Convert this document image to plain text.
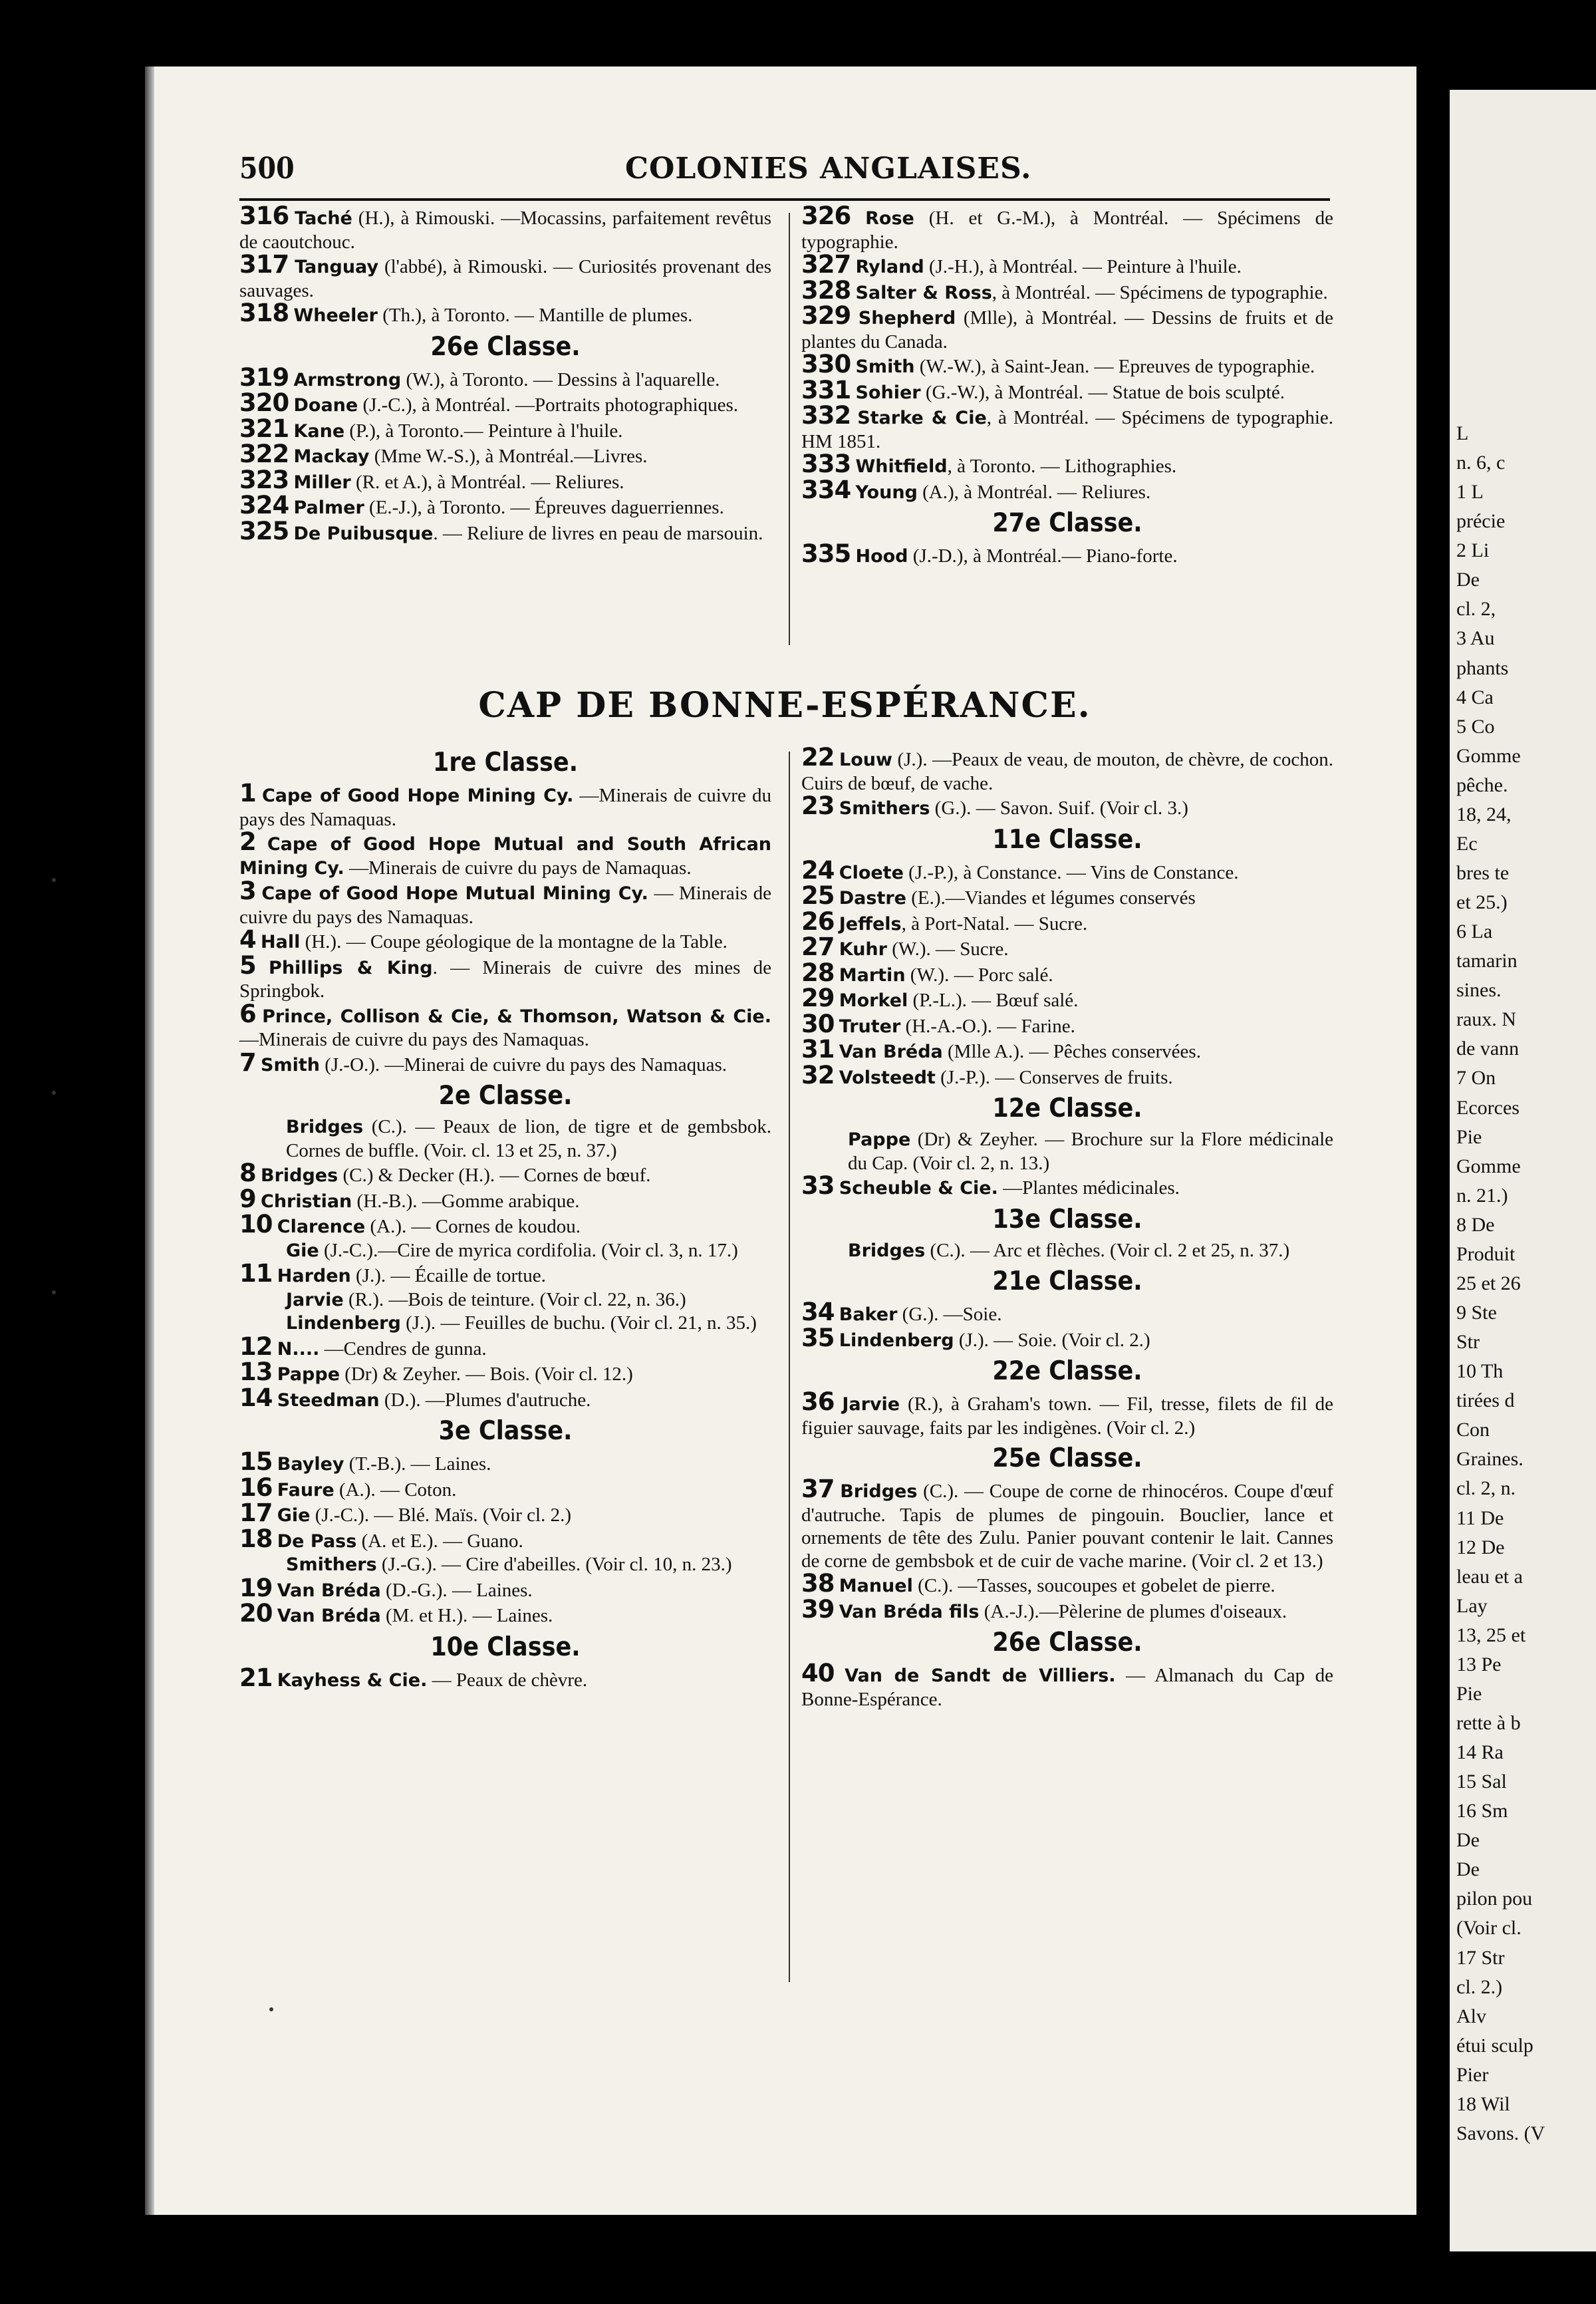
L
n. 6, c
1 L
précie
2 Li
De
cl. 2,
3 Au
phants
4 Ca
5 Co
Gomme
pêche.
18, 24,
Ec
bres te
et 25.)
6 La
tamarin
sines.
raux. N
de vann
7 On
Ecorces
Pie
Gomme
n. 21.)
8 De
Produit
25 et 26
9 Ste
Str
10 Th
tirées d
Con
Graines.
cl. 2, n.
11 De
12 De
leau et a
Lay
13, 25 et
13 Pe
Pie
rette à b
14 Ra
15 Sal
16 Sm
De
De
pilon pou
(Voir cl.
17 Str
cl. 2.)
Alv
étui sculp
Pier
18 Wil
Savons. (V
500	COLONIES ANGLAISES.
316 Taché (H.), à Rimouski. —Mocassins, parfaitement revêtus de caoutchouc.
317 Tanguay (l'abbé), à Rimouski. — Curiosités provenant des sauvages.
318 Wheeler (Th.), à Toronto. — Mantille de plumes.
26e Classe.
319 Armstrong (W.), à Toronto. — Dessins à l'aquarelle.
320 Doane (J.-C.), à Montréal. —Portraits photographiques.
321 Kane (P.), à Toronto.— Peinture à l'huile.
322 Mackay (Mme W.-S.), à Montréal.—Livres.
323 Miller (R. et A.), à Montréal. — Reliures.
324 Palmer (E.-J.), à Toronto. — Épreuves daguerriennes.
325 De Puibusque. — Reliure de livres en peau de marsouin.
326 Rose (H. et G.-M.), à Montréal. — Spécimens de typographie.
327 Ryland (J.-H.), à Montréal. — Peinture à l'huile.
328 Salter & Ross, à Montréal. — Spécimens de typographie.
329 Shepherd (Mlle), à Montréal. — Dessins de fruits et de plantes du Canada.
330 Smith (W.-W.), à Saint-Jean. — Epreuves de typographie.
331 Sohier (G.-W.), à Montréal. — Statue de bois sculpté.
332 Starke & Cie, à Montréal. — Spécimens de typographie. HM 1851.
333 Whitfield, à Toronto. — Lithographies.
334 Young (A.), à Montréal. — Reliures.
27e Classe.
335 Hood (J.-D.), à Montréal.— Piano-forte.
CAP DE BONNE-ESPÉRANCE.
1re Classe.
1 Cape of Good Hope Mining Cy. —Minerais de cuivre du pays des Namaquas.
2 Cape of Good Hope Mutual and South African Mining Cy. —Minerais de cuivre du pays de Namaquas.
3 Cape of Good Hope Mutual Mining Cy. — Minerais de cuivre du pays des Namaquas.
4 Hall (H.). — Coupe géologique de la montagne de la Table.
5 Phillips & King. — Minerais de cuivre des mines de Springbok.
6 Prince, Collison & Cie, & Thomson, Watson & Cie. —Minerais de cuivre du pays des Namaquas.
7 Smith (J.-O.). —Minerai de cuivre du pays des Namaquas.
2e Classe.
Bridges (C.). — Peaux de lion, de tigre et de gembsbok. Cornes de buffle. (Voir. cl. 13 et 25, n. 37.)
8 Bridges (C.) & Decker (H.). — Cornes de bœuf.
9 Christian (H.-B.). —Gomme arabique.
10 Clarence (A.). — Cornes de koudou.
Gie (J.-C.).—Cire de myrica cordifolia. (Voir cl. 3, n. 17.)
11 Harden (J.). — Écaille de tortue.
Jarvie (R.). —Bois de teinture. (Voir cl. 22, n. 36.)
Lindenberg (J.). — Feuilles de buchu. (Voir cl. 21, n. 35.)
12 N.... —Cendres de gunna.
13 Pappe (Dr) & Zeyher. — Bois. (Voir cl. 12.)
14 Steedman (D.). —Plumes d'autruche.
3e Classe.
15 Bayley (T.-B.). — Laines.
16 Faure (A.). — Coton.
17 Gie (J.-C.). — Blé. Maïs. (Voir cl. 2.)
18 De Pass (A. et E.). — Guano.
Smithers (J.-G.). — Cire d'abeilles. (Voir cl. 10, n. 23.)
19 Van Bréda (D.-G.). — Laines.
20 Van Bréda (M. et H.). — Laines.
10e Classe.
21 Kayhess & Cie. — Peaux de chèvre.
22 Louw (J.). —Peaux de veau, de mouton, de chèvre, de cochon. Cuirs de bœuf, de vache.
23 Smithers (G.). — Savon. Suif. (Voir cl. 3.)
11e Classe.
24 Cloete (J.-P.), à Constance. — Vins de Constance.
25 Dastre (E.).—Viandes et légumes conservés
26 Jeffels, à Port-Natal. — Sucre.
27 Kuhr (W.). — Sucre.
28 Martin (W.). — Porc salé.
29 Morkel (P.-L.). — Bœuf salé.
30 Truter (H.-A.-O.). — Farine.
31 Van Bréda (Mlle A.). — Pêches conservées.
32 Volsteedt (J.-P.). — Conserves de fruits.
12e Classe.
Pappe (Dr) & Zeyher. — Brochure sur la Flore médicinale du Cap. (Voir cl. 2, n. 13.)
33 Scheuble & Cie. —Plantes médicinales.
13e Classe.
Bridges (C.). — Arc et flèches. (Voir cl. 2 et 25, n. 37.)
21e Classe.
34 Baker (G.). —Soie.
35 Lindenberg (J.). — Soie. (Voir cl. 2.)
22e Classe.
36 Jarvie (R.), à Graham's town. — Fil, tresse, filets de fil de figuier sauvage, faits par les indigènes. (Voir cl. 2.)
25e Classe.
37 Bridges (C.). — Coupe de corne de rhinocéros. Coupe d'œuf d'autruche. Tapis de plumes de pingouin. Bouclier, lance et ornements de tête des Zulu. Panier pouvant contenir le lait. Cannes de corne de gembsbok et de cuir de vache marine. (Voir cl. 2 et 13.)
38 Manuel (C.). —Tasses, soucoupes et gobelet de pierre.
39 Van Bréda fils (A.-J.).—Pèlerine de plumes d'oiseaux.
26e Classe.
40 Van de Sandt de Villiers. — Almanach du Cap de Bonne-Espérance.
